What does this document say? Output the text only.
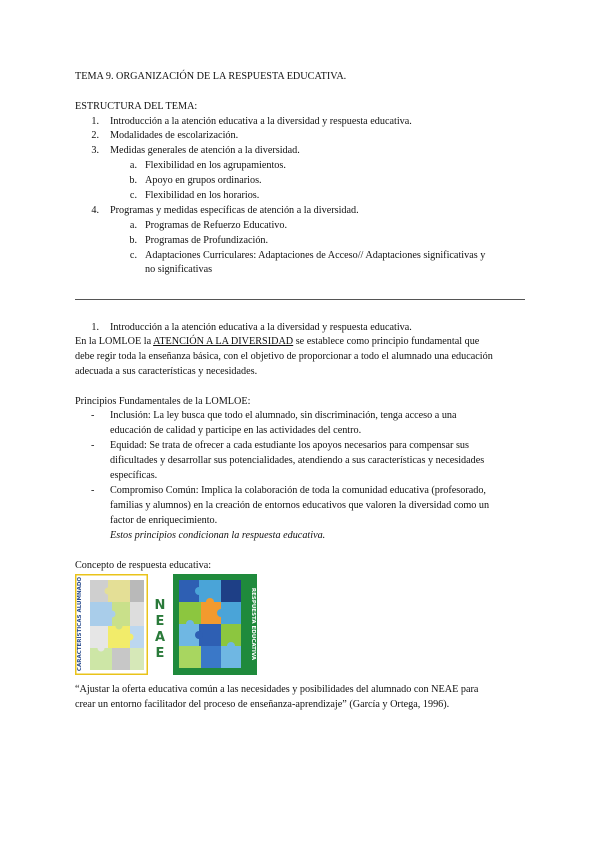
TEMA 9. ORGANIZACIÓN DE LA RESPUESTA EDUCATIVA.
ESTRUCTURA DEL TEMA:
1. Introducción a la atención educativa a la diversidad y respuesta educativa.
2. Modalidades de escolarización.
3. Medidas generales de atención a la diversidad.
a. Flexibilidad en los agrupamientos.
b. Apoyo en grupos ordinarios.
c. Flexibilidad en los horarios.
4. Programas y medidas específicas de atención a la diversidad.
a. Programas de Refuerzo Educativo.
b. Programas de Profundización.
c. Adaptaciones Curriculares: Adaptaciones de Acceso// Adaptaciones significativas y
no significativas
1. Introducción a la atención educativa a la diversidad y respuesta educativa.
En la LOMLOE la ATENCIÓN A LA DIVERSIDAD se establece como principio fundamental que
debe regir toda la enseñanza básica, con el objetivo de proporcionar a todo el alumnado una educación
adecuada a sus características y necesidades.
Principios Fundamentales de la LOMLOE:
- Inclusión: La ley busca que todo el alumnado, sin discriminación, tenga acceso a una
educación de calidad y participe en las actividades del centro.
- Equidad: Se trata de ofrecer a cada estudiante los apoyos necesarios para compensar sus
dificultades y desarrollar sus potencialidades, atendiendo a sus características y necesidades
específicas.
- Compromiso Común: Implica la colaboración de toda la comunidad educativa (profesorado,
familias y alumnos) en la creación de entornos educativos que valoren la diversidad como un
factor de enriquecimiento.
Estos principios condicionan la respuesta educativa.
Concepto de respuesta educativa:
CARACTERÍSTICAS ALUMNADO	N
E
A
E	RESPUESTA EDUCATIVA
“Ajustar la oferta educativa común a las necesidades y posibilidades del alumnado con NEAE para
crear un entorno facilitador del proceso de enseñanza-aprendizaje” (García y Ortega, 1996).
